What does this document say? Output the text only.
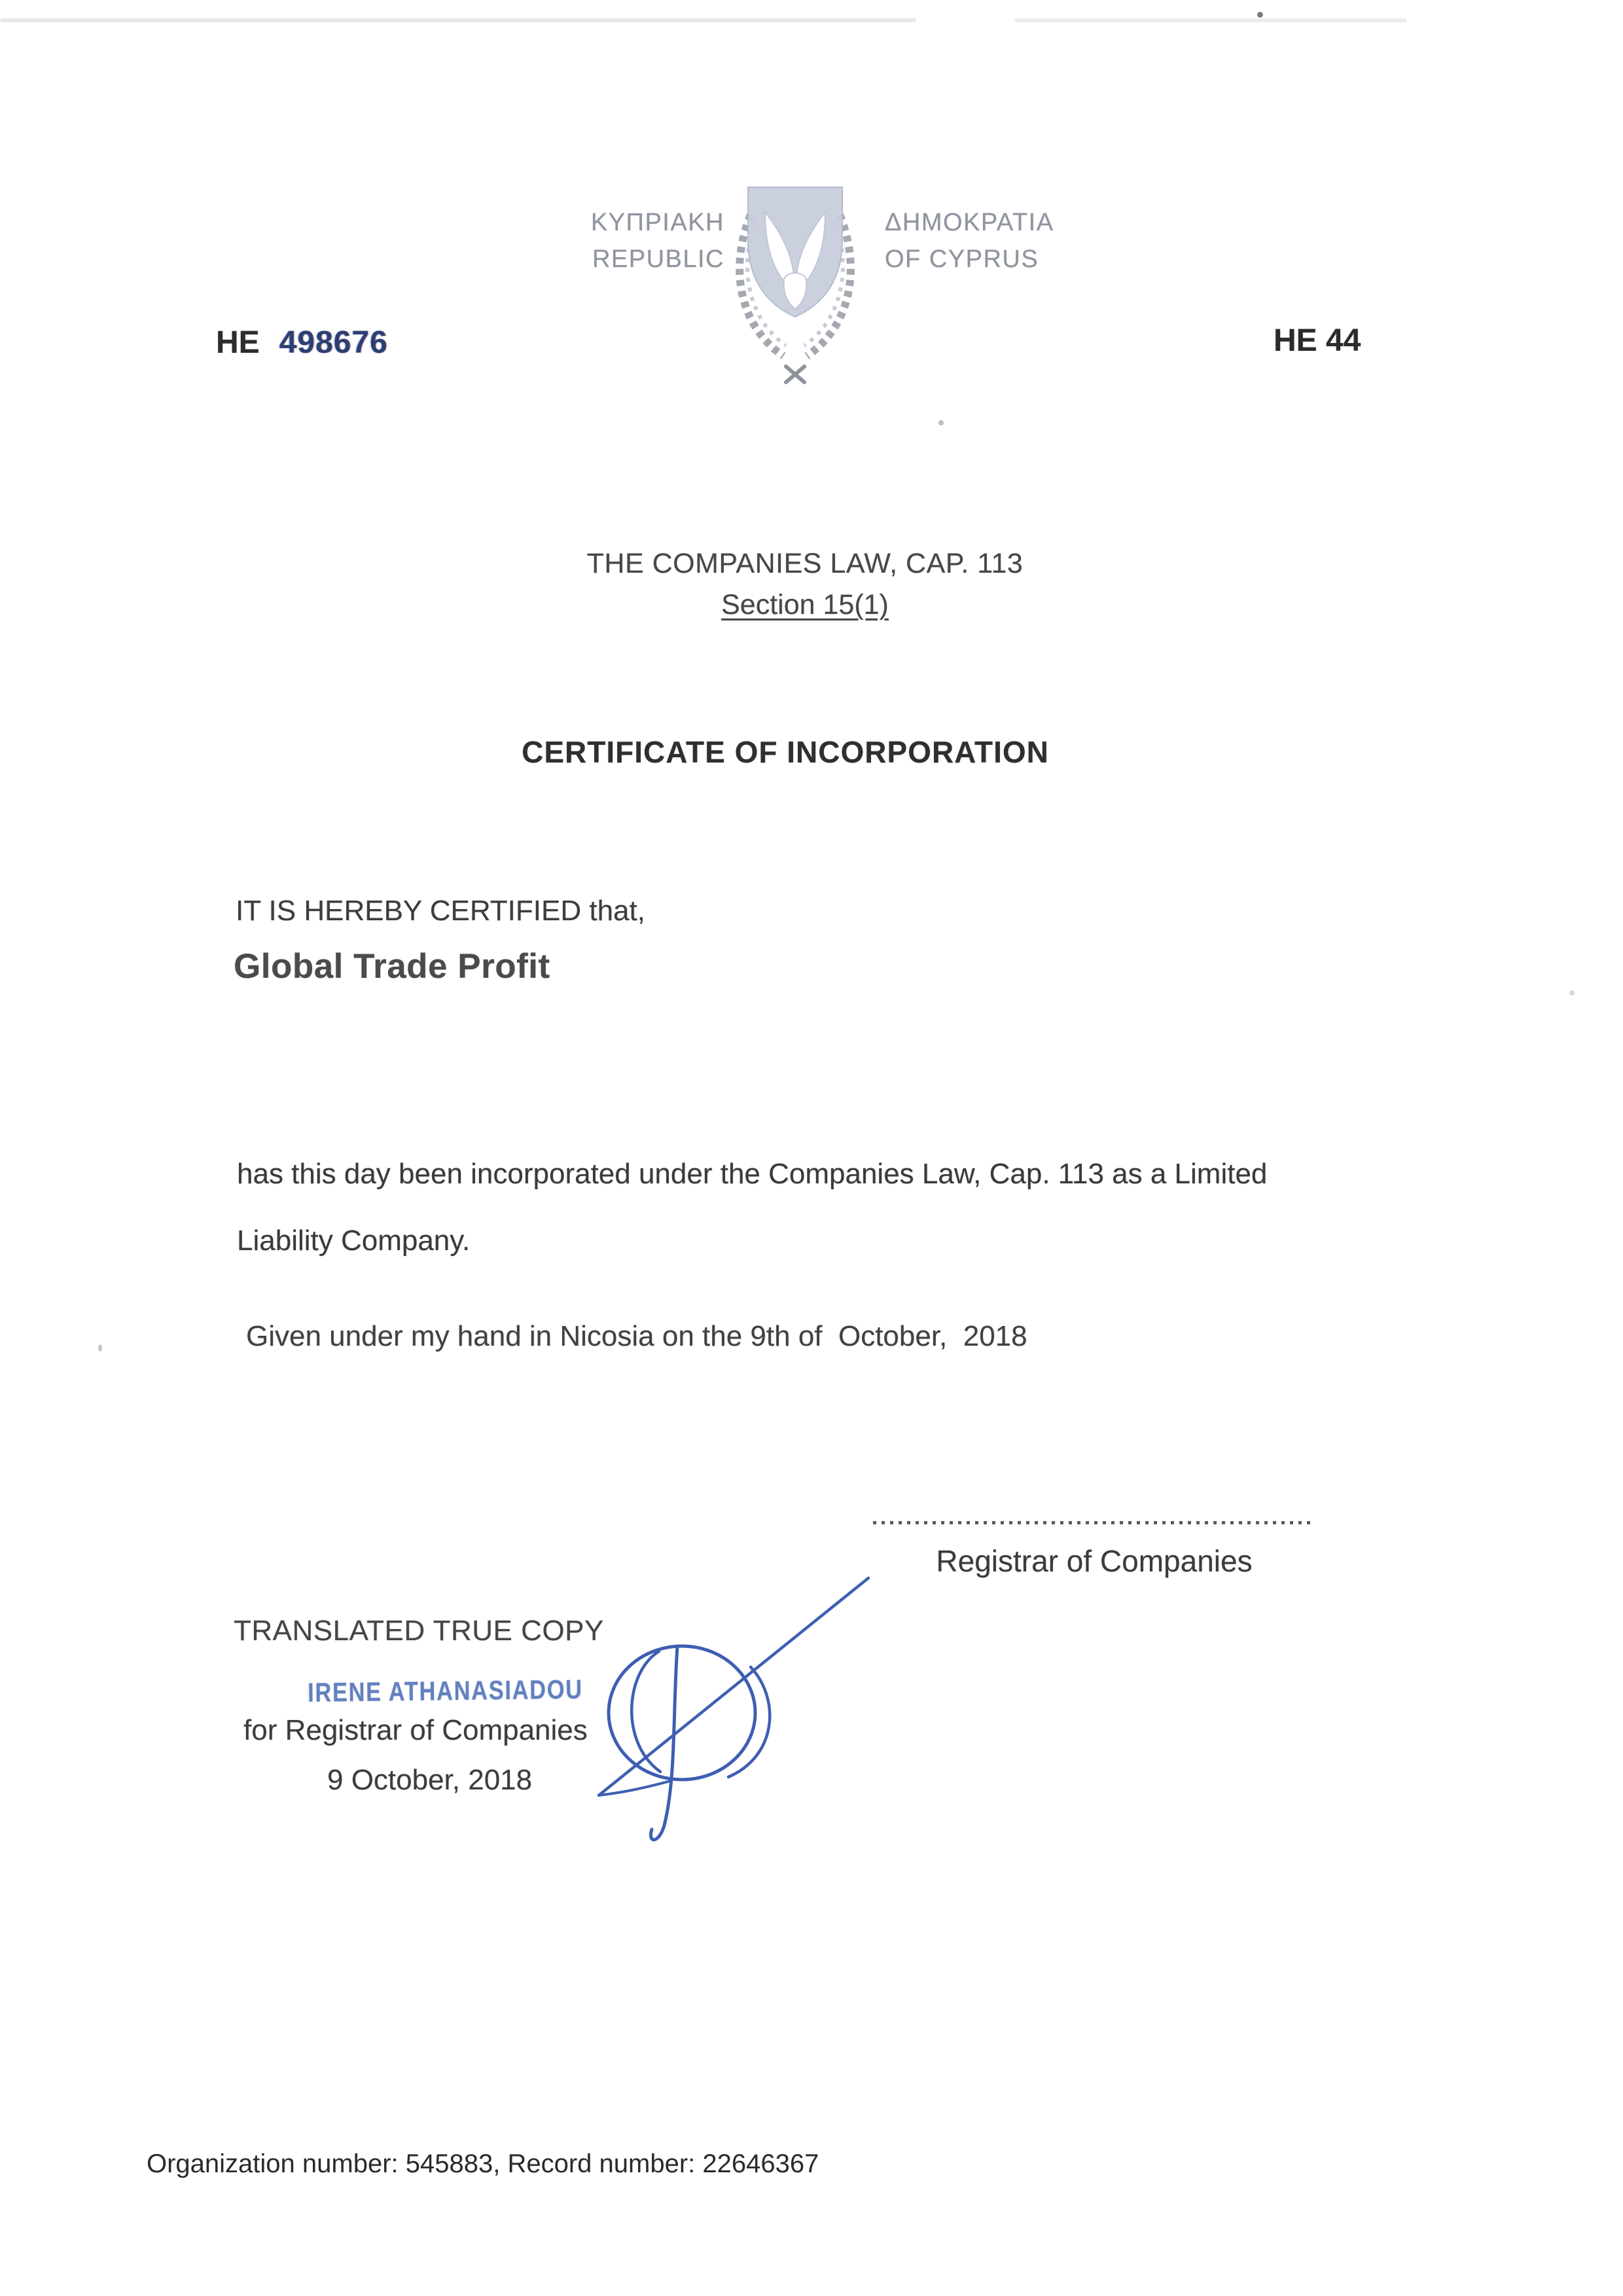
ΚΥΠΡΙΑΚΗ
REPUBLIC
ΔΗΜΟΚΡΑΤΙΑ
OF CYPRUS
HE 498676	HE 44
THE COMPANIES LAW, CAP. 113
Section 15(1)
CERTIFICATE OF INCORPORATION
IT IS HEREBY CERTIFIED that,
Global Trade Profit
has this day been incorporated under the Companies Law, Cap. 113 as a Limited
Liability Company.
Given under my hand in Nicosia on the 9th of  October,  2018
Registrar of Companies
TRANSLATED TRUE COPY
IRENE ATHANASIADOU
for Registrar of Companies
9 October, 2018
Organization number: 545883, Record number: 22646367
